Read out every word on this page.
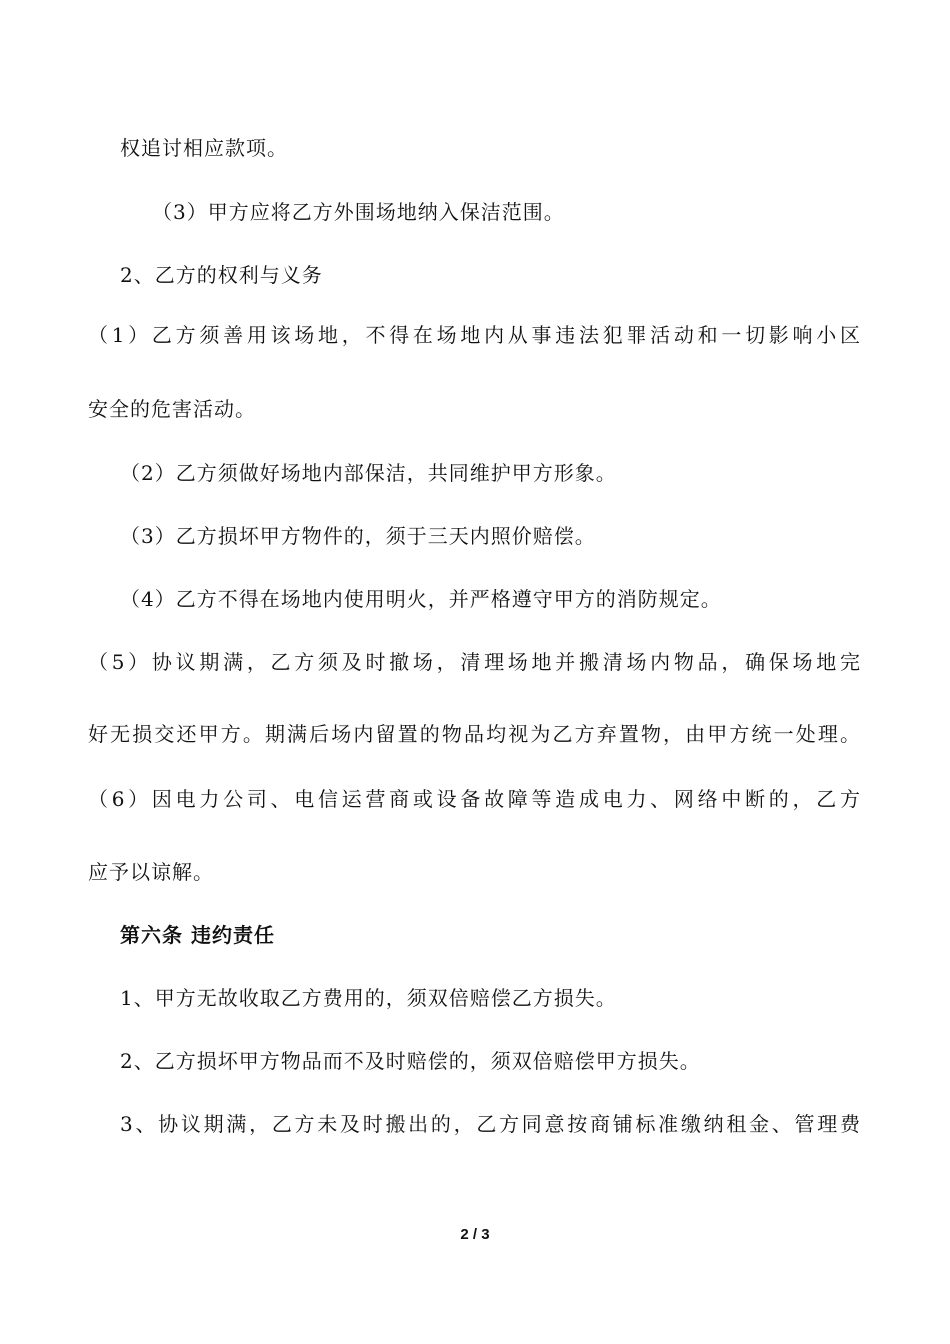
权追讨相应款项。
（3）甲方应将乙方外围场地纳入保洁范围。
2、乙方的权利与义务
（1）乙方须善用该场地，不得在场地内从事违法犯罪活动和一切影响小区
安全的危害活动。
（2）乙方须做好场地内部保洁，共同维护甲方形象。
（3）乙方损坏甲方物件的，须于三天内照价赔偿。
（4）乙方不得在场地内使用明火，并严格遵守甲方的消防规定。
（5）协议期满，乙方须及时撤场，清理场地并搬清场内物品，确保场地完
好无损交还甲方。期满后场内留置的物品均视为乙方弃置物，由甲方统一处理。
（6）因电力公司、电信运营商或设备故障等造成电力、网络中断的，乙方
应予以谅解。
第六条 违约责任
1、甲方无故收取乙方费用的，须双倍赔偿乙方损失。
2、乙方损坏甲方物品而不及时赔偿的，须双倍赔偿甲方损失。
3、协议期满，乙方未及时搬出的，乙方同意按商铺标准缴纳租金、管理费
2 / 3
